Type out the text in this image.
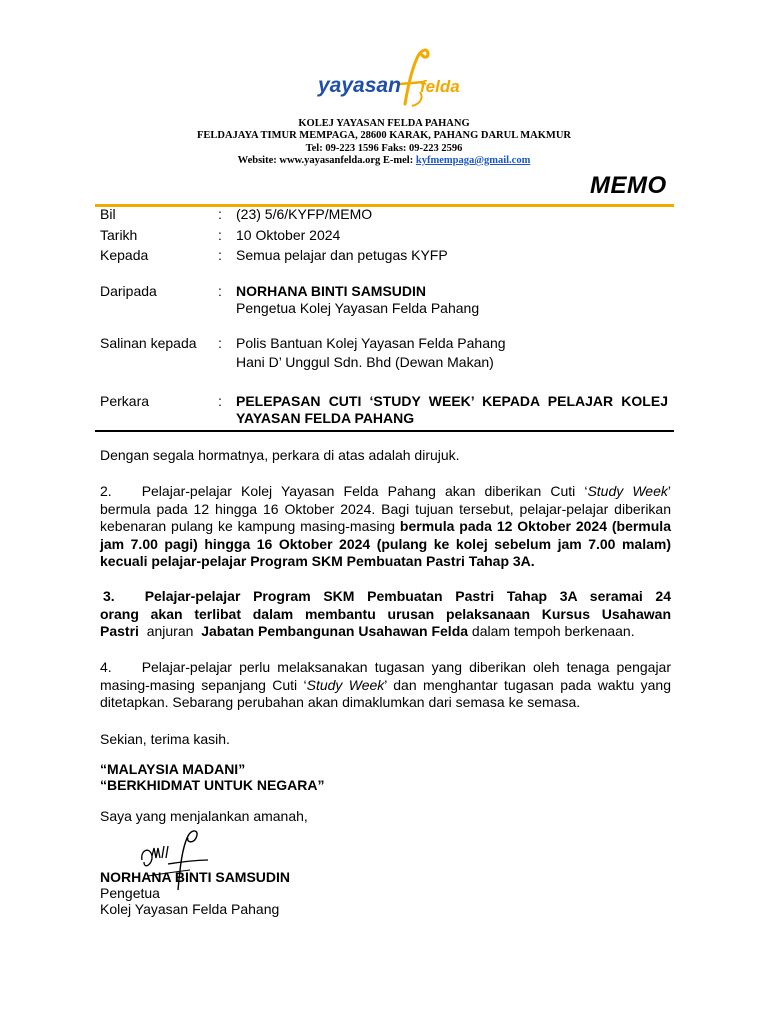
yayasan felda
KOLEJ YAYASAN FELDA PAHANG
FELDAJAYA TIMUR MEMPAGA, 28600 KARAK, PAHANG DARUL MAKMUR
Tel: 09-223 1596 Faks: 09-223 2596
Website: www.yayasanfelda.org E-mel: kyfmempaga@gmail.com
MEMO
Bil	: (23) 5/6/KYFP/MEMO
Tarikh	: 10 Oktober 2024
Kepada	: Semua pelajar dan petugas KYFP
Daripada	: NORHANA BINTI SAMSUDIN
Pengetua Kolej Yayasan Felda Pahang
Salinan kepada : Polis Bantuan Kolej Yayasan Felda Pahang
Hani D’ Unggul Sdn. Bhd (Dewan Makan)
Perkara	: PELEPASAN CUTI ‘STUDY WEEK’ KEPADA PELAJAR KOLEJ
YAYASAN FELDA PAHANG
Dengan segala hormatnya, perkara di atas adalah dirujuk.
2. Pelajar-pelajar Kolej Yayasan Felda Pahang akan diberikan Cuti ‘Study Week’
bermula pada 12 hingga 16 Oktober 2024. Bagi tujuan tersebut, pelajar-pelajar diberikan
kebenaran pulang ke kampung masing-masing bermula pada 12 Oktober 2024 (bermula
jam 7.00 pagi) hingga 16 Oktober 2024 (pulang ke kolej sebelum jam 7.00 malam)
kecuali pelajar-pelajar Program SKM Pembuatan Pastri Tahap 3A.
3. Pelajar-pelajar Program SKM Pembuatan Pastri Tahap 3A seramai 24
orang akan terlibat dalam membantu urusan pelaksanaan Kursus Usahawan
Pastri  anjuran  Jabatan Pembangunan Usahawan Felda dalam tempoh berkenaan.
4. Pelajar-pelajar perlu melaksanakan tugasan yang diberikan oleh tenaga pengajar
masing-masing sepanjang Cuti ‘Study Week’ dan menghantar tugasan pada waktu yang
ditetapkan. Sebarang perubahan akan dimaklumkan dari semasa ke semasa.
Sekian, terima kasih.
“MALAYSIA MADANI”
“BERKHIDMAT UNTUK NEGARA”
Saya yang menjalankan amanah,
NORHANA BINTI SAMSUDIN
Pengetua
Kolej Yayasan Felda Pahang
